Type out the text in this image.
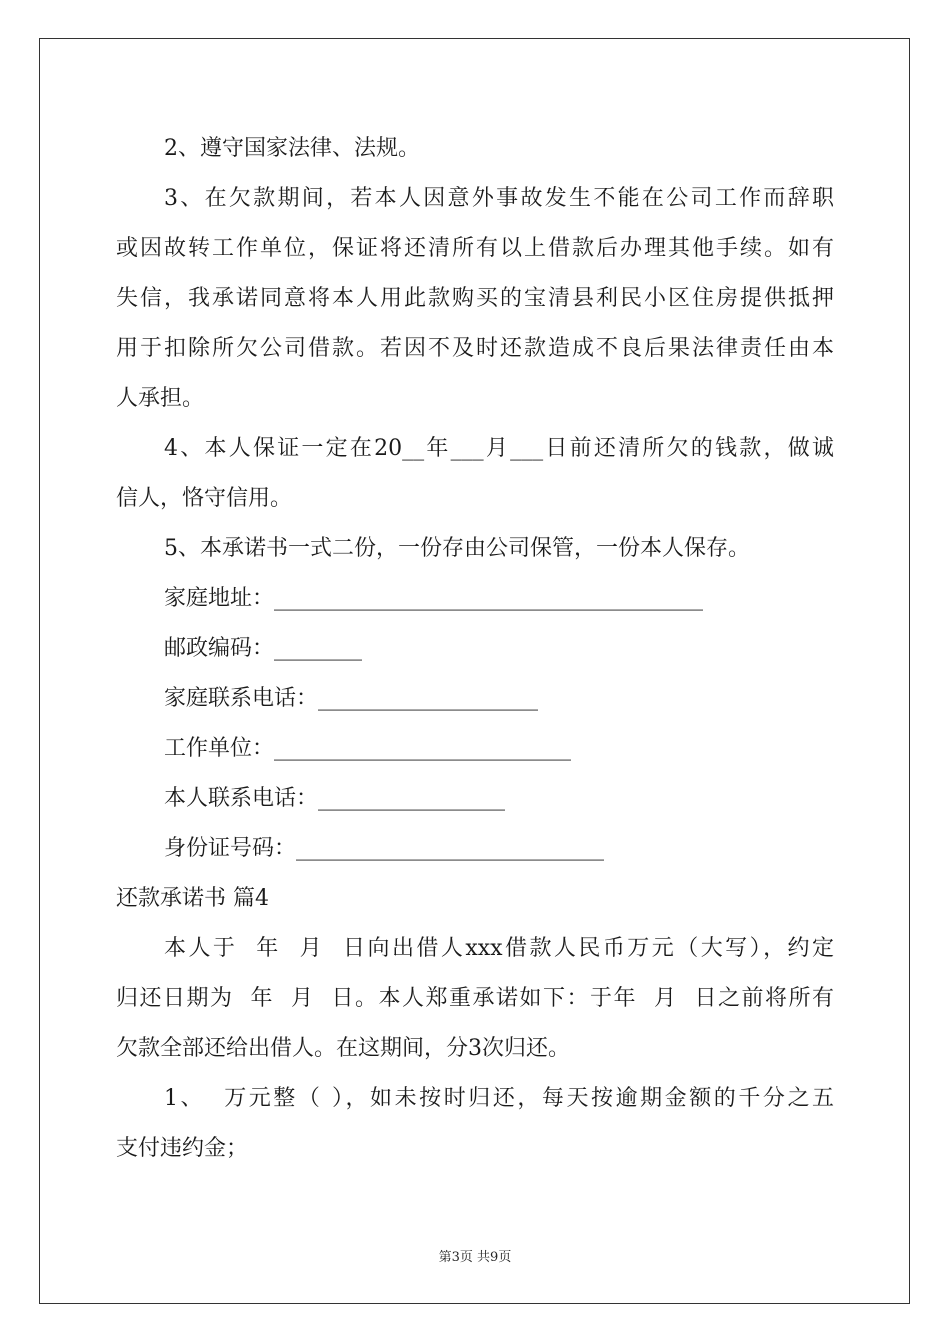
2、遵守国家法律、法规。

3、在欠款期间，若本人因意外事故发生不能在公司工作而辞职

或因故转工作单位，保证将还清所有以上借款后办理其他手续。如有

失信，我承诺同意将本人用此款购买的宝清县利民小区住房提供抵押

用于扣除所欠公司借款。若因不及时还款造成不良后果法律责任由本

人承担。

4、本人保证一定在20__年___月___日前还清所欠的钱款，做诚

信人，恪守信用。

5、本承诺书一式二份，一份存由公司保管，一份本人保存。

家庭地址：_______________________________________

邮政编码：________

家庭联系电话：____________________

工作单位：___________________________

本人联系电话：_________________

身份证号码：____________________________

还款承诺书 篇4

本人于  年  月  日向出借人xxx借款人民币万元（大写），约定

归还日期为  年  月  日。本人郑重承诺如下：于年  月  日之前将所有

欠款全部还给出借人。在这期间，分3次归还。

1、  万元整（ ），如未按时归还，每天按逾期金额的千分之五

支付违约金；

第3页 共9页
